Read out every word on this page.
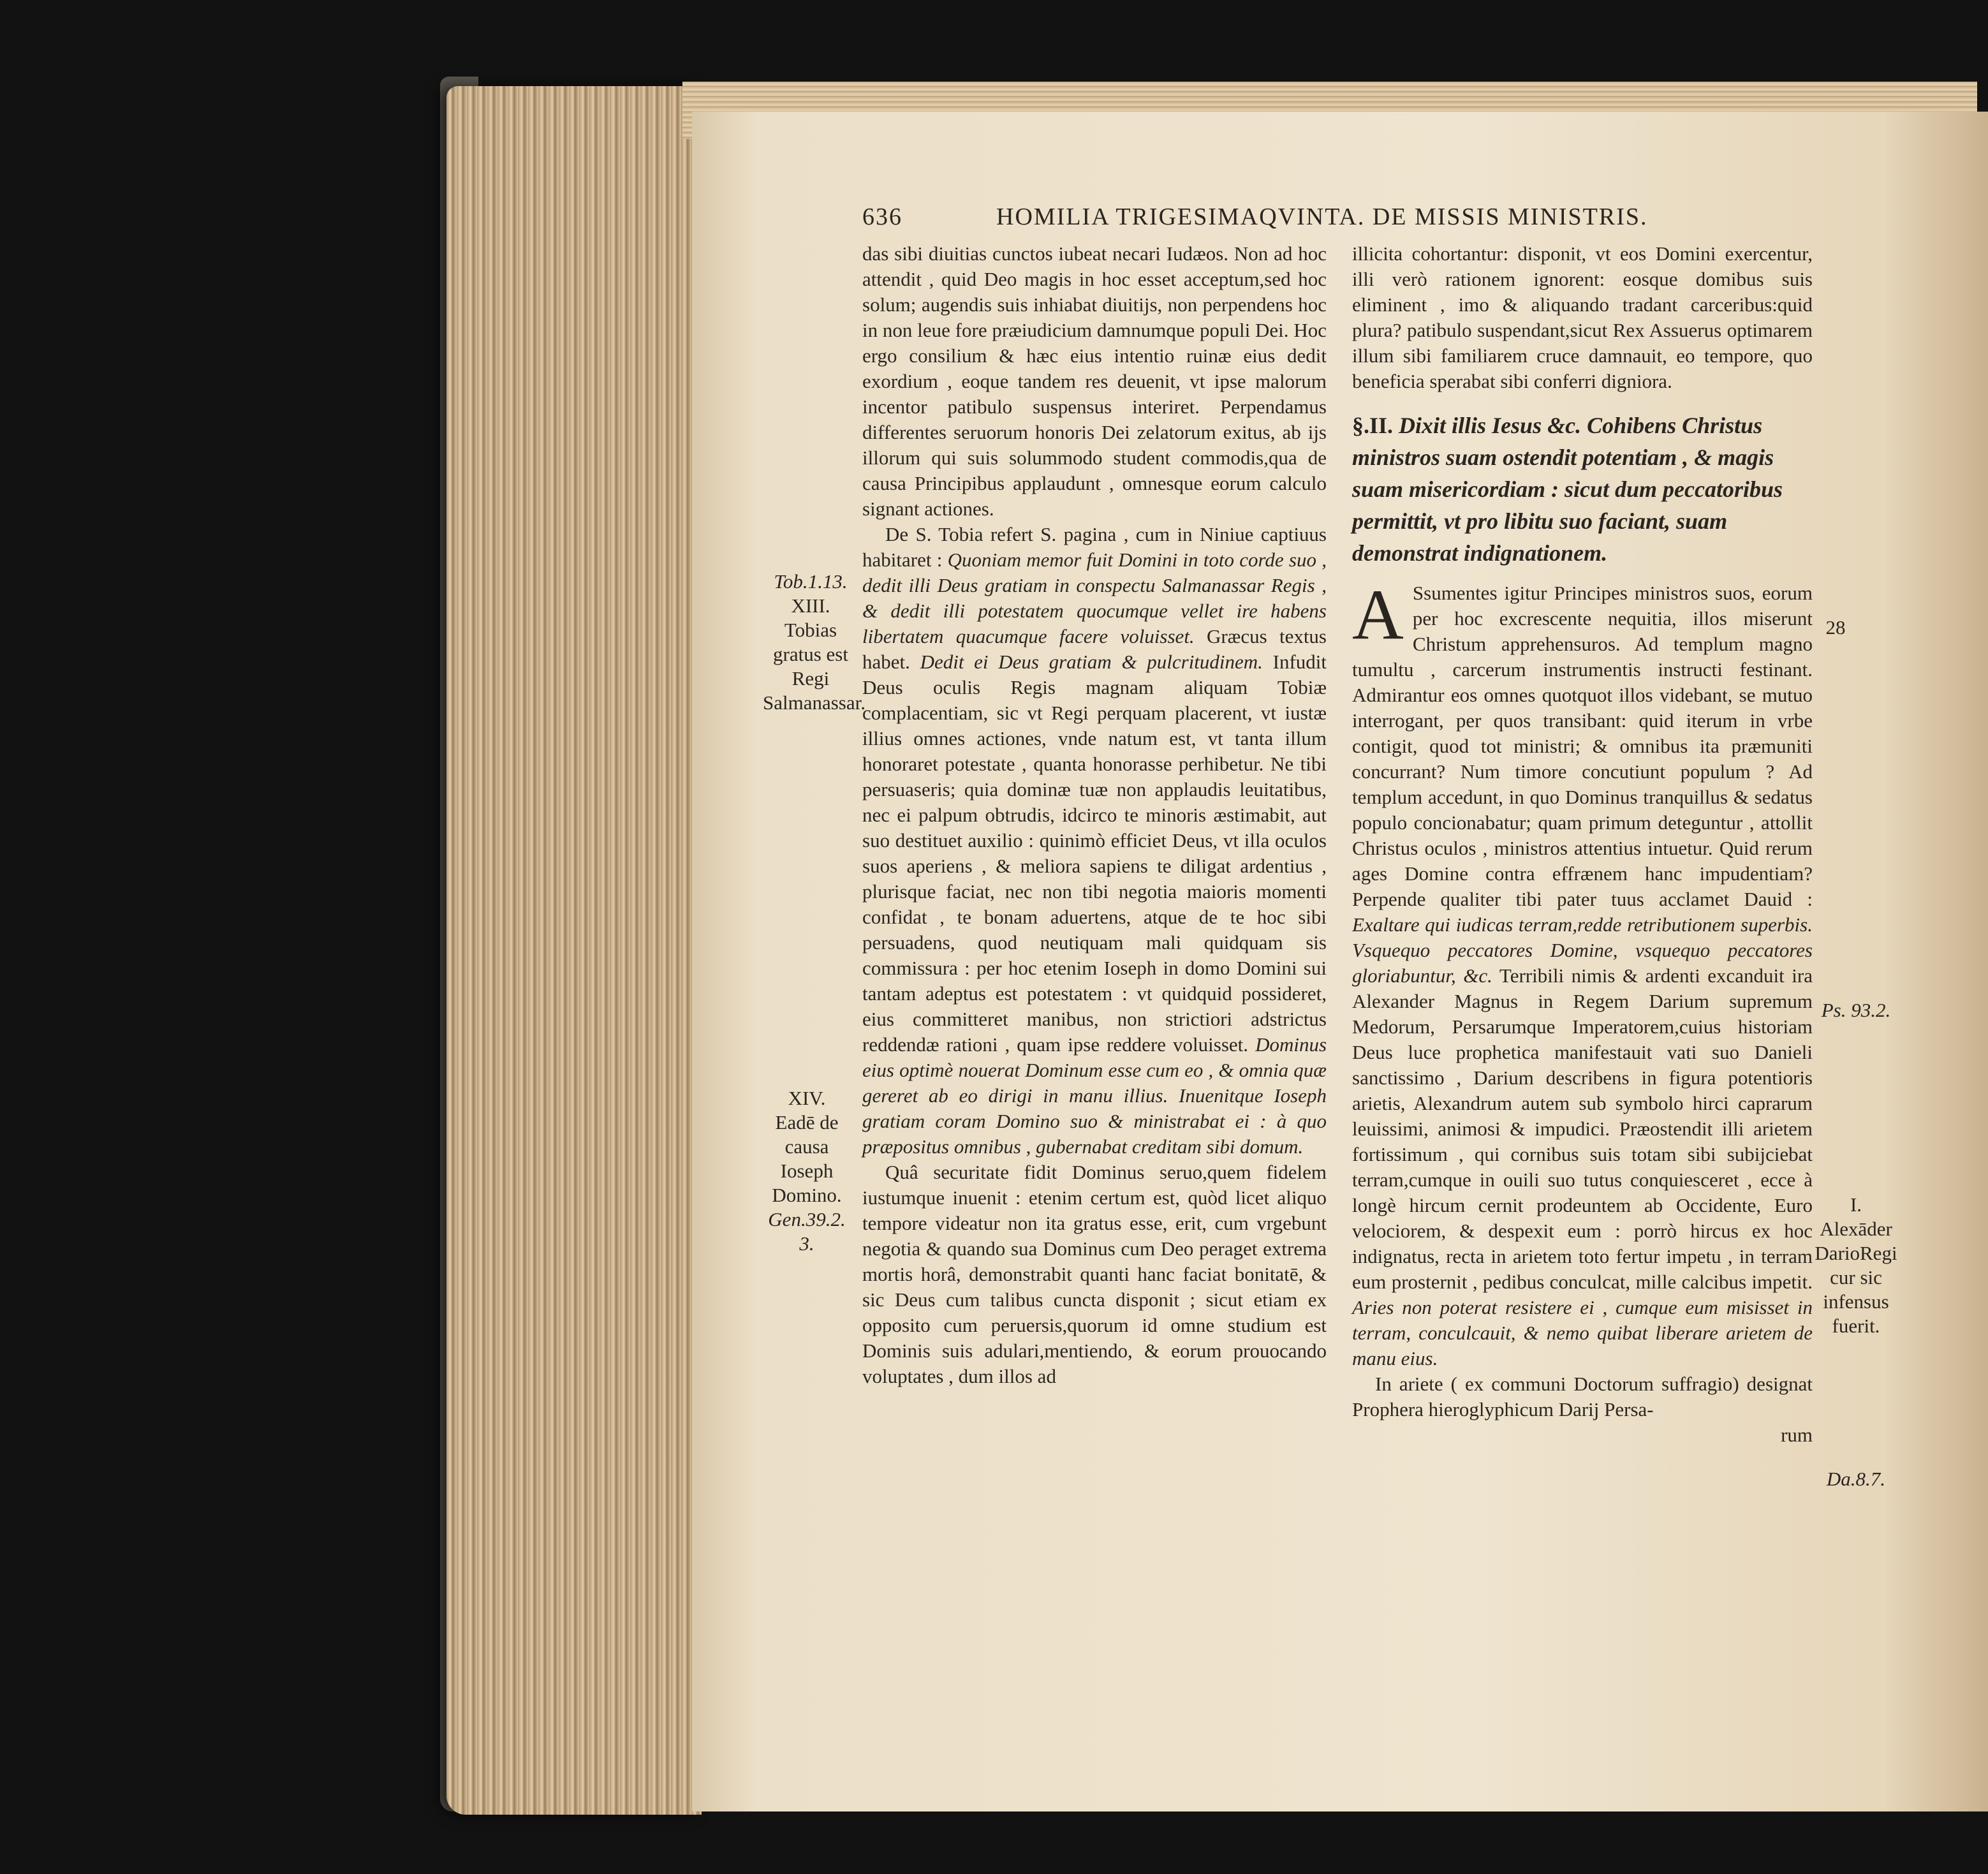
636	HOMILIA TRIGESIMAQVINTA. DE MISSIS MINISTRIS.
Tob.1.13.
XIII.
Tobias gratus est Regi Salmanassar.
XIV.
Eadē de causa Ioseph Domino.
Gen.39.2. 3.
28
Ps. 93.2.
I.
Alexāder DarioRegi cur sic infensus fuerit.
Da.8.7.

das sibi diuitias cunctos iubeat necari Iudæos. Non ad hoc attendit , quid Deo magis in hoc esset acceptum,sed hoc solum; augendis suis inhiabat diuitijs, non perpendens hoc in non leue fore præiudicium damnumque populi Dei. Hoc ergo consilium & hæc eius intentio ruinæ eius dedit exordium , eoque tandem res deuenit, vt ipse malorum incentor patibulo suspensus interiret. Perpendamus differentes seruorum honoris Dei zelatorum exitus, ab ijs illorum qui suis solummodo student commodis,qua de causa Principibus applaudunt , omnesque eorum calculo signant actiones.

De S. Tobia refert S. pagina , cum in Niniue captiuus habitaret : Quoniam memor fuit Domini in toto corde suo , dedit illi Deus gratiam in conspectu Salmanassar Regis , & dedit illi potestatem quocumque vellet ire habens libertatem quacumque facere voluisset. Græcus textus habet. Dedit ei Deus gratiam & pulcritudinem. Infudit Deus oculis Regis magnam aliquam Tobiæ complacentiam, sic vt Regi perquam placerent, vt iustæ illius omnes actiones, vnde natum est, vt tanta illum honoraret potestate , quanta honorasse perhibetur. Ne tibi persuaseris; quia dominæ tuæ non applaudis leuitatibus, nec ei palpum obtrudis, idcirco te minoris æstimabit, aut suo destituet auxilio : quinimò efficiet Deus, vt illa oculos suos aperiens , & meliora sapiens te diligat ardentius , plurisque faciat, nec non tibi negotia maioris momenti confidat , te bonam aduertens, atque de te hoc sibi persuadens, quod neutiquam mali quidquam sis commissura : per hoc etenim Ioseph in domo Domini sui tantam adeptus est potestatem : vt quidquid possideret, eius committeret manibus, non strictiori adstrictus reddendæ rationi , quam ipse reddere voluisset. Dominus eius optimè nouerat Dominum esse cum eo , & omnia quæ gereret ab eo dirigi in manu illius. Inuenitque Ioseph gratiam coram Domino suo & ministrabat ei : à quo præpositus omnibus , gubernabat creditam sibi domum.

Quâ securitate fidit Dominus seruo,quem fidelem iustumque inuenit : etenim certum est, quòd licet aliquo tempore videatur non ita gratus esse, erit, cum vrgebunt negotia & quando sua Dominus cum Deo peraget extrema mortis horâ, demonstrabit quanti hanc faciat bonitatē, & sic Deus cum talibus cuncta disponit ; sicut etiam ex opposito cum peruersis,quorum id omne studium est Dominis suis adulari,mentiendo, & eorum prouocando voluptates , dum illos ad

illicita cohortantur: disponit, vt eos Domini exercentur, illi verò rationem ignorent: eosque domibus suis eliminent , imo & aliquando tradant carceribus:quid plura? patibulo suspendant,sicut Rex Assuerus optimarem illum sibi familiarem cruce damnauit, eo tempore, quo beneficia sperabat sibi conferri digniora.

§.II. Dixit illis Iesus &c. Cohibens Christus ministros suam ostendit potentiam , & magis suam misericordiam : sicut dum peccatoribus permittit, vt pro libitu suo faciant, suam demonstrat indignationem.

A Ssumentes igitur Principes ministros suos, eorum per hoc excrescente nequitia, illos miserunt Christum apprehensuros. Ad templum magno tumultu , carcerum instrumentis instructi festinant. Admirantur eos omnes quotquot illos videbant, se mutuo interrogant, per quos transibant: quid iterum in vrbe contigit, quod tot ministri; & omnibus ita præmuniti concurrant? Num timore concutiunt populum ? Ad templum accedunt, in quo Dominus tranquillus & sedatus populo concionabatur; quam primum deteguntur , attollit Christus oculos , ministros attentius intuetur. Quid rerum ages Domine contra effrænem hanc impudentiam? Perpende qualiter tibi pater tuus acclamet Dauid : Exaltare qui iudicas terram,redde retributionem superbis. Vsquequo peccatores Domine, vsquequo peccatores gloriabuntur, &c. Terribili nimis & ardenti excanduit ira Alexander Magnus in Regem Darium supremum Medorum, Persarumque Imperatorem,cuius historiam Deus luce prophetica manifestauit vati suo Danieli sanctissimo , Darium describens in figura potentioris arietis, Alexandrum autem sub symbolo hirci caprarum leuissimi, animosi & impudici. Præostendit illi arietem fortissimum , qui cornibus suis totam sibi subijciebat terram,cumque in ouili suo tutus conquiesceret , ecce à longè hircum cernit prodeuntem ab Occidente, Euro velociorem, & despexit eum : porrò hircus ex hoc indignatus, recta in arietem toto fertur impetu , in terram eum prosternit , pedibus conculcat, mille calcibus impetit. Aries non poterat resistere ei , cumque eum misisset in terram, conculcauit, & nemo quibat liberare arietem de manu eius.

In ariete ( ex communi Doctorum suffragio) designat Prophera hieroglyphicum Darij Persa-

rum
